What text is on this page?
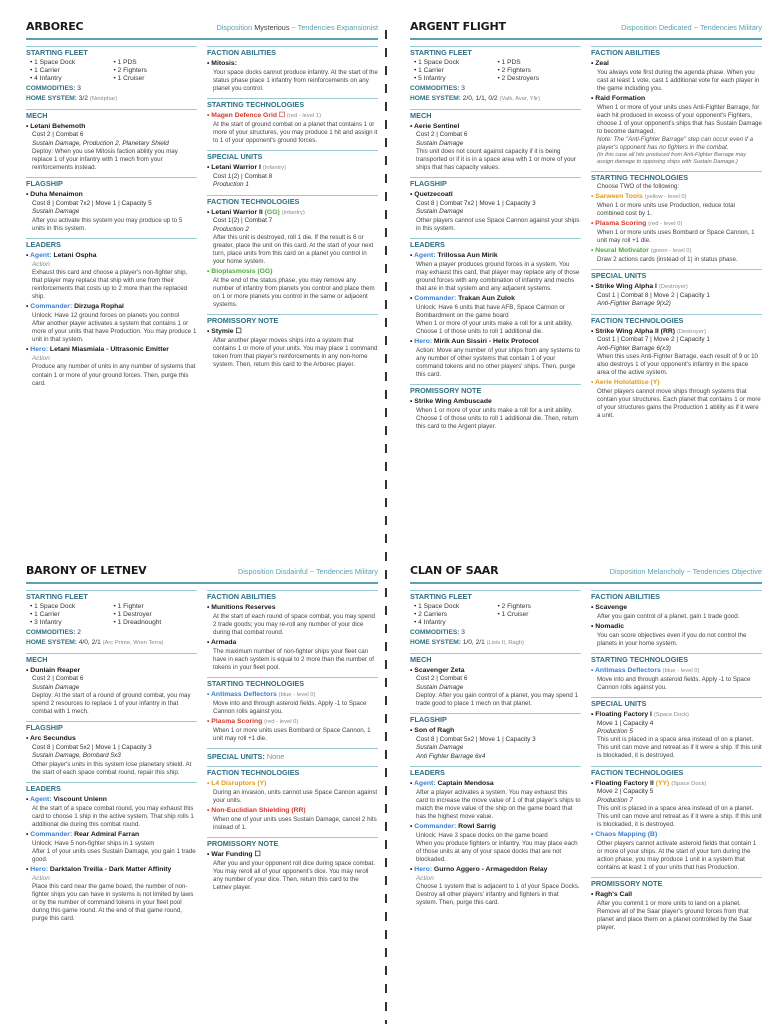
ARBOREC	Disposition Mysterious ~ Tendencies Expansionist
STARTING FLEET
• 1 Space Dock	• 1 PDS
• 1 Carrier	• 2 Fighters
• 4 Infantry	• 1 Cruiser
COMMODITIES: 3
HOME SYSTEM: 3/2 (Nestphar)
MECH
• Letani Behemoth
Cost 2 | Combat 6
Sustain Damage, Production 2, Planetary Shield
Deploy: When you use Mitosis faction ability you may replace 1 of your infantry with 1 mech from your reinforcements instead.
FLAGSHIP
• Duha Menaimon
Cost 8 | Combat 7x2 | Move 1 | Capacity 5
Sustain Damage
After you activate this system you may produce up to 5 units in this system.
LEADERS
• Agent: Letani Ospha
Action
Exhaust this card and choose a player's non-fighter ship, that player may replace that ship with one from their reinforcements that costs up to 2 more than the replaced ship.
• Commander: Dirzuga Rophal
Unlock: Have 12 ground forces on planets you control
After another player activates a system that contains 1 or more of your units that have Production. You may produce 1 unit in that system.
• Hero: Letani Miasmiala - Ultrasonic Emitter
Action
Produce any number of units in any number of systems that contain 1 or more of your ground forces. Then, purge this card.
FACTION ABILITIES
• Mitosis:
Your space docks cannot produce infantry. At the start of the status phase place 1 infantry from reinforcements on any planet you control.
STARTING TECHNOLOGIES
• Magen Defence Grid ☐ (red - level 1)
At the start of ground combat on a planet that contains 1 or more of your structures, you may produce 1 hit and assign it to 1 of your opponent's ground forces.
SPECIAL UNITS
• Letani Warrior I (Infantry)
Cost 1(2) | Combat 8
Production 1
FACTION TECHNOLOGIES
• Letani Warrior II (GG) (Infantry)
Cost 1(2) | Combat 7
Production 2
After this unit is destroyed, roll 1 die. If the result is 6 or greater, place the unit on this card. At the start of your next turn, place units from this card on a planet you control in your home system.
• Bioplasmosis (GG)
At the end of the status phase, you may remove any number of infantry from planets you control and place them on 1 or more planets you control in the same or adjacent systems.
PROMISSORY NOTE
• Stymie ☐
After another player moves ships into a system that contains 1 or more of your units. You may place 1 command token from that player's reinforcements in any non-home system. Then, return this card to the Arborec player.
ARGENT FLIGHT	Disposition Dedicated ~ Tendencies Military
STARTING FLEET
• 1 Space Dock	• 1 PDS
• 1 Carrier	• 2 Fighters
• 5 Infantry	• 2 Destroyers
COMMODITIES: 3
HOME SYSTEM: 2/0, 1/1, 0/2 (Valk, Avar, Ylir)
MECH
• Aerie Sentinel
Cost 2 | Combat 6
Sustain Damage
This unit does not count against capacity if it is being transported or if it is in a space area with 1 or more of your ships that has capacity values.
FLAGSHIP
• Quetzecoatl
Cost 8 | Combat 7x2 | Move 1 | Capacity 3
Sustain Damage
Other players cannot use Space Cannon against your ships in this system.
LEADERS
• Agent: Trillossa Aun Mirik
When a player produces ground forces in a system. You may exhaust this card, that player may replace any of those ground forces with any combination of infantry and mechs that are in that system and any adjacent systems.
• Commander: Trakan Aun Zulok
Unlock: Have 6 units that have AFB, Space Cannon or Bombardment on the game board
When 1 or more of your units make a roll for a unit ability. Choose 1 of those units to roll 1 additional die.
• Hero: Mirik Aun Sissiri - Helix Protocol
Action: Move any number of your ships from any systems to any number of other systems that contain 1 of your command tokens and no other players' ships. Then, purge this card.
PROMISSORY NOTE
• Strike Wing Ambuscade
When 1 or more of your units make a roll for a unit ability. Choose 1 of those units to roll 1 additional die. Then, return this card to the Argent player.
FACTION ABILITIES
• Zeal
You always vote first during the agenda phase. When you cast at least 1 vote, cast 1 additional vote for each player in the game including you.
• Raid Formation
When 1 or more of your units uses Anti-Fighter Barrage, for each hit produced in excess of your opponent's Fighters, choose 1 of your opponent's ships that has Sustain Damage to become damaged.
Note: The "Anti-Fighter Barrage" step can occur even if a player's opponent has no fighters in the combat.
(In this case all hits produced from Anti-Fighter Barrage may assign damage to opposing ships with Sustain Damage.)
STARTING TECHNOLOGIES
Choose TWO of the following:
• Sarween Tools (yellow - level 0)
When 1 or more units use Production, reduce total combined cost by 1.
• Plasma Scoring (red - level 0)
When 1 or more units uses Bombard or Space Cannon, 1 unit may roll +1 die.
• Neural Motivator (green - level 0)
Draw 2 actions cards (instead of 1) in status phase.
SPECIAL UNITS
• Strike Wing Alpha I (Destroyer)
Cost 1 | Combat 8 | Move 2 | Capacity 1
Anti-Fighter Barrage 9(x2)
FACTION TECHNOLOGIES
• Strike Wing Alpha II (RR) (Destroyer)
Cost 1 | Combat 7 | Move 2 | Capacity 1
Anti-Fighter Barrage 6(x3)
When this uses Anti-Fighter Barrage, each result of 9 or 10 also destroys 1 of your opponent's infantry in the space area of the active system.
• Aerie Hololattice (Y)
Other players cannot move ships through systems that contain your structures. Each planet that contains 1 or more of your structures gains the Production 1 ability as if it were a unit.
BARONY OF LETNEV	Disposition Disdainful ~ Tendencies Military
STARTING FLEET
• 1 Space Dock	• 1 Fighter
• 1 Carrier	• 1 Destroyer
• 3 Infantry	• 1 Dreadnought
COMMODITIES: 2
HOME SYSTEM: 4/0, 2/1 (Arc Prime, Wren Terra)
MECH
• Dunlain Reaper
Cost 2 | Combat 6
Sustain Damage
Deploy: At the start of a round of ground combat, you may spend 2 resources to replace 1 of your infantry in that combat with 1 mech.
FLAGSHIP
• Arc Secundus
Cost 8 | Combat 5x2 | Move 1 | Capacity 3
Sustain Damage, Bombard 5x3
Other player's units in this system lose planetary shield. At the start of each space combat round, repair this ship.
LEADERS
• Agent: Viscount Unlenn
At the start of a space combat round, you may exhaust this card to choose 1 ship in the active system. That ship rolls 1 additional die during this combat round.
• Commander: Rear Admiral Farran
Unlock: Have 5 non-fighter ships in 1 system
After 1 of your units uses Sustain Damage, you gain 1 trade good.
• Hero: Darktalon Treilla - Dark Matter Affinity
Action
Place this card near the game board, the number of non-fighter ships you can have in systems is not limited by laws or by the number of command tokens in your fleet pool during this game round. At the end of that game round, purge this card.
FACTION ABILITIES
• Munitions Reserves
At the start of each round of space combat, you may spend 2 trade goods; you may re-roll any number of your dice during that combat round.
• Armada
The maximum number of non-fighter ships your fleet can have in each system is equal to 2 more than the number of tokens in your fleet pool.
STARTING TECHNOLOGIES
• Antimass Deflectors (blue - level 0)
Move into and through asteroid fields. Apply -1 to Space Cannon rolls against you.
• Plasma Scoring (red - level 0)
When 1 or more units uses Bombard or Space Cannon, 1 unit may roll +1 die.
SPECIAL UNITS: None
FACTION TECHNOLOGIES
• L4 Disruptors (Y)
During an invasion, units cannot use Space Cannon against your units.
• Non-Euclidian Shielding (RR)
When one of your units uses Sustain Damage, cancel 2 hits instead of 1.
PROMISSORY NOTE
• War Funding ☐
After you and your opponent roll dice during space combat. You may reroll all of your opponent's dice. You may reroll any number of your dice. Then, return this card to the Letnev player.
CLAN OF SAAR	Disposition Melancholy ~ Tendencies Objective
STARTING FLEET
• 1 Space Dock	• 2 Fighters
• 2 Carriers	• 1 Cruiser
• 4 Infantry
COMMODITIES: 3
HOME SYSTEM: 1/0, 2/1 (Lisis II, Ragh)
MECH
• Scavenger Zeta
Cost 2 | Combat 6
Sustain Damage
Deploy: After you gain control of a planet, you may spend 1 trade good to place 1 mech on that planet.
FLAGSHIP
• Son of Ragh
Cost 8 | Combat 5x2 | Move 1 | Capacity 3
Sustain Damage
Anti Fighter Barrage 6x4
LEADERS
• Agent: Captain Mendosa
After a player activates a system. You may exhaust this card to increase the move value of 1 of that player's ships to match the move value of the ship on the game board that has the highest move value.
• Commander: Rowl Sarrig
Unlock: Have 3 space docks on the game board
When you produce fighters or infantry. You may place each of those units at any of your space docks that are not blockaded.
• Hero: Gurno Aggero - Armageddon Relay
Action
Choose 1 system that is adjacent to 1 of your Space Docks. Destroy all other players' infantry and fighters in that system. Then, purge this card.
FACTION ABILITIES
• Scavenge
After you gain control of a planet, gain 1 trade good.
• Nomadic
You can score objectives even if you do not control the planets in your home system.
STARTING TECHNOLOGIES
• Antimass Deflectors (blue - level 0)
Move into and through asteroid fields. Apply -1 to Space Cannon rolls against you.
SPECIAL UNITS
• Floating Factory I (Space Dock)
Move 1 | Capacity 4
Production 5
This unit is placed in a space area instead of on a planet. This unit can move and retreat as if it were a ship. If this unit is blockaded, it is destroyed.
FACTION TECHNOLOGIES
• Floating Factory II (YY) (Space Dock)
Move 2 | Capacity 5
Production 7
This unit is placed in a space area instead of on a planet. This unit can move and retreat as if it were a ship. If this unit is blockaded, it is destroyed.
• Chaos Mapping (B)
Other players cannot activate asteroid fields that contain 1 or more of your ships. At the start of your turn during the action phase, you may produce 1 unit in a system that contains at least 1 of your units that has Production.
PROMISSORY NOTE
• Ragh's Call
After you commit 1 or more units to land on a planet. Remove all of the Saar player's ground forces from that planet and place them on a planet controlled by the Saar player.
